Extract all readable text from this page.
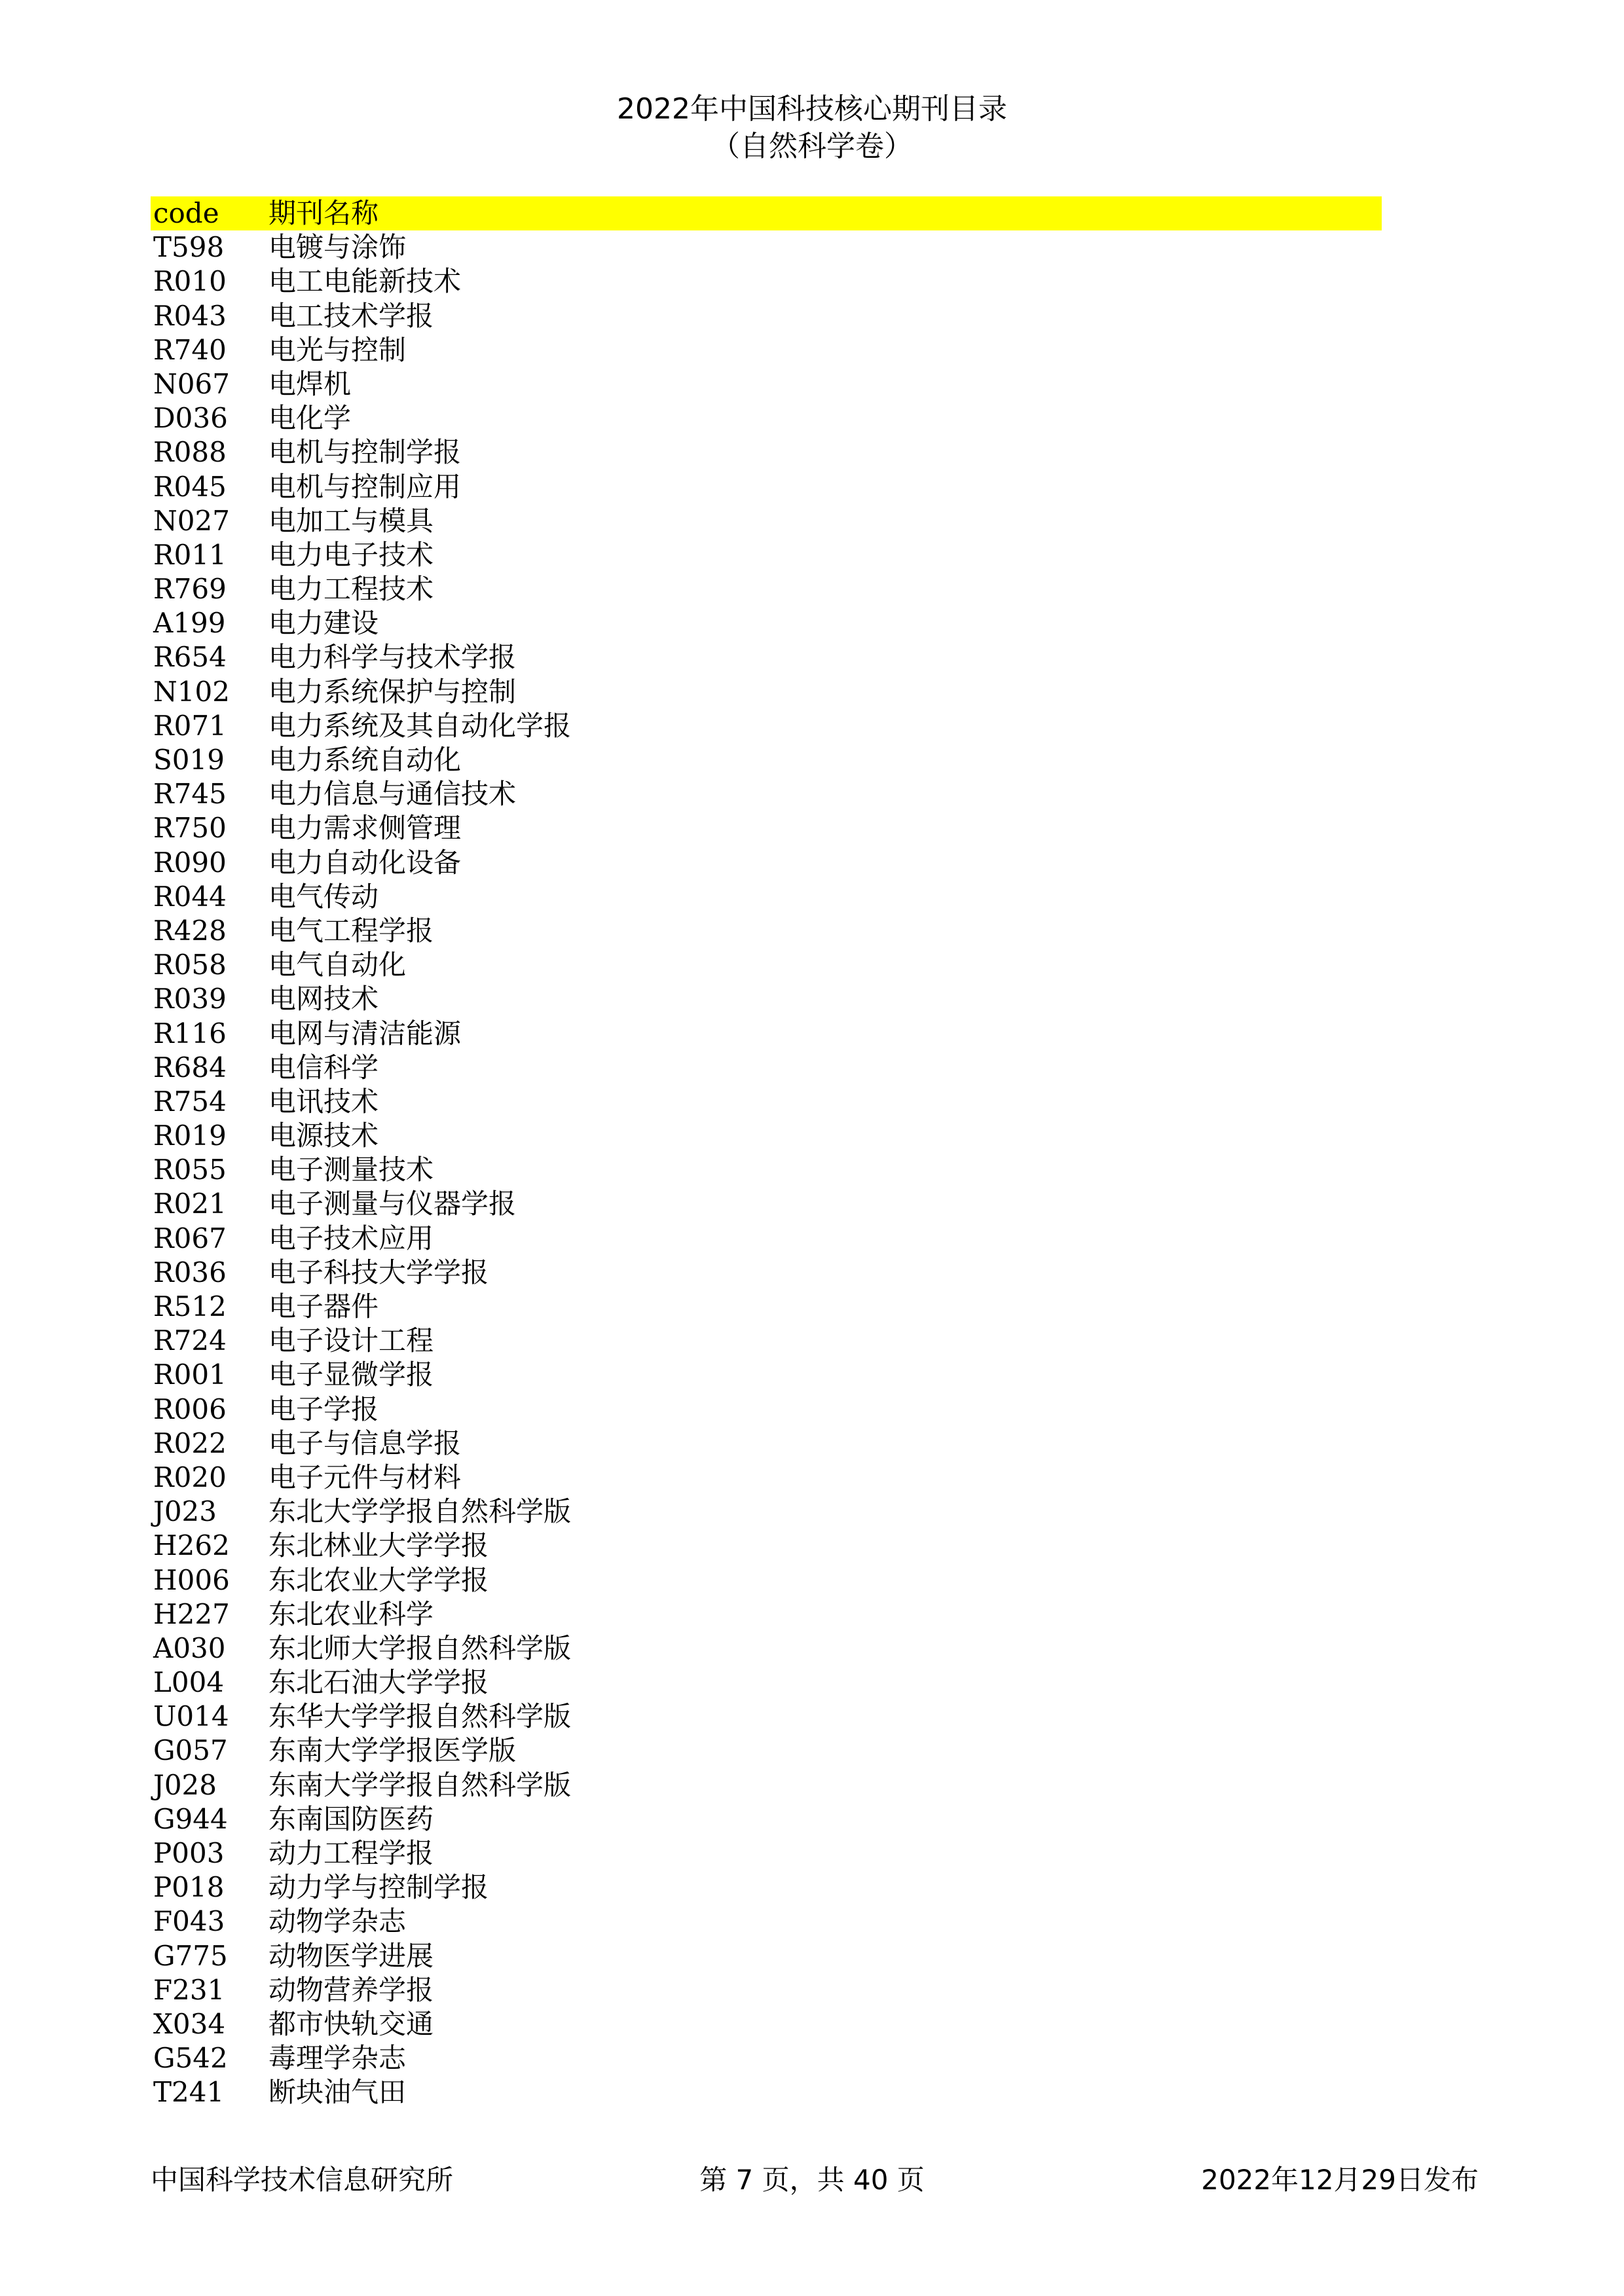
2022年中国科技核心期刊目录
（自然科学卷）
code	期刊名称
T598	电镀与涂饰
R010	电工电能新技术
R043	电工技术学报
R740	电光与控制
N067	电焊机
D036	电化学
R088	电机与控制学报
R045	电机与控制应用
N027	电加工与模具
R011	电力电子技术
R769	电力工程技术
A199	电力建设
R654	电力科学与技术学报
N102	电力系统保护与控制
R071	电力系统及其自动化学报
S019	电力系统自动化
R745	电力信息与通信技术
R750	电力需求侧管理
R090	电力自动化设备
R044	电气传动
R428	电气工程学报
R058	电气自动化
R039	电网技术
R116	电网与清洁能源
R684	电信科学
R754	电讯技术
R019	电源技术
R055	电子测量技术
R021	电子测量与仪器学报
R067	电子技术应用
R036	电子科技大学学报
R512	电子器件
R724	电子设计工程
R001	电子显微学报
R006	电子学报
R022	电子与信息学报
R020	电子元件与材料
J023	东北大学学报自然科学版
H262	东北林业大学学报
H006	东北农业大学学报
H227	东北农业科学
A030	东北师大学报自然科学版
L004	东北石油大学学报
U014	东华大学学报自然科学版
G057	东南大学学报医学版
J028	东南大学学报自然科学版
G944	东南国防医药
P003	动力工程学报
P018	动力学与控制学报
F043	动物学杂志
G775	动物医学进展
F231	动物营养学报
X034	都市快轨交通
G542	毒理学杂志
T241	断块油气田
中国科学技术信息研究所	第 7 页，共 40 页	2022年12月29日发布
